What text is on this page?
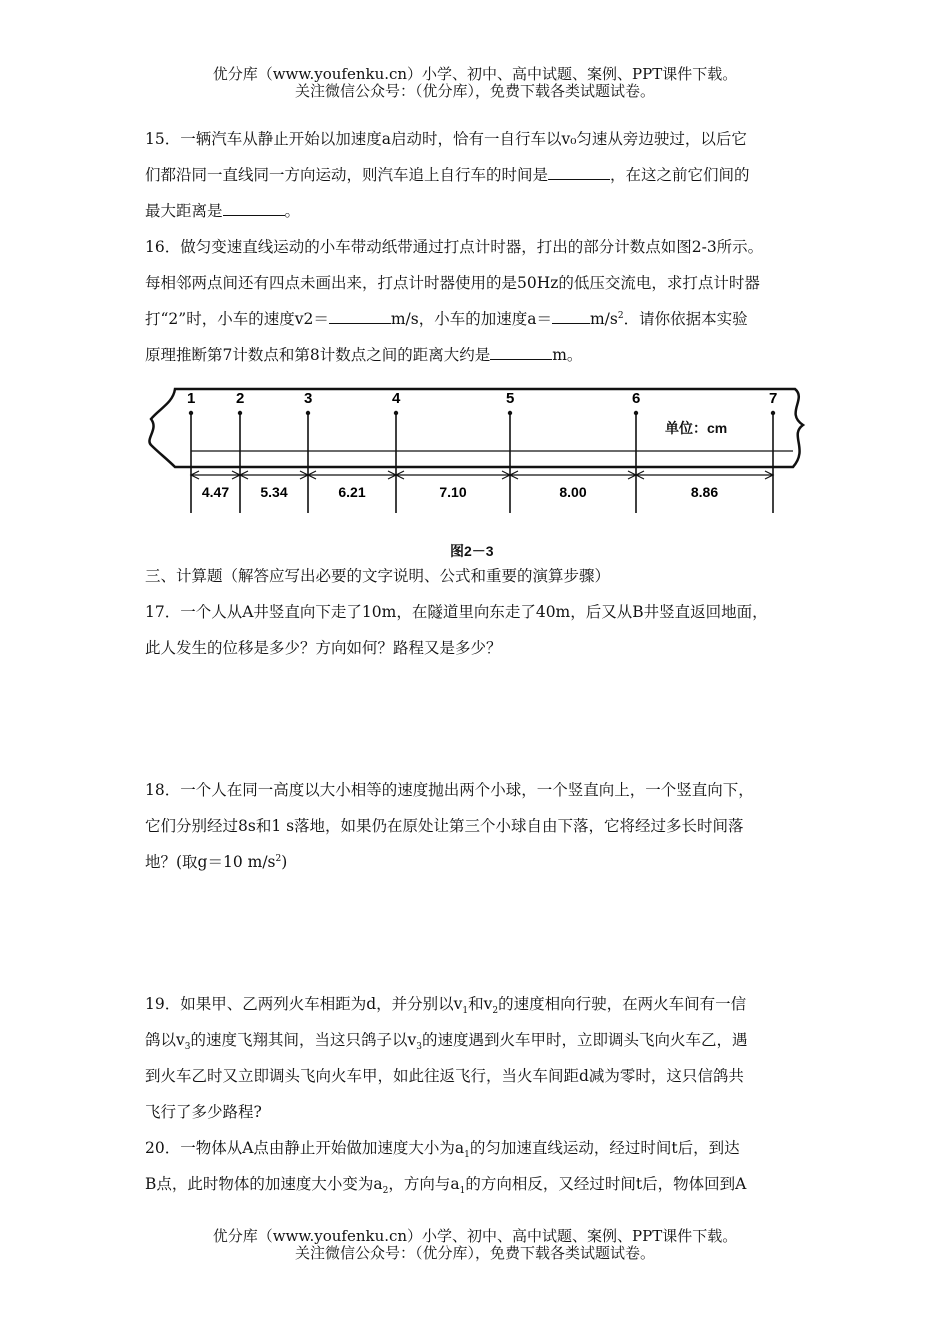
优分库（www.youfenku.cn）小学、初中、高中试题、案例、PPT课件下载。
关注微信公众号：（优分库），免费下载各类试题试卷。

15．一辆汽车从静止开始以加速度a启动时，恰有一自行车以v₀匀速从旁边驶过，以后它

们都沿同一直线同一方向运动，则汽车追上自行车的时间是	，在这之前它们间的

最大距离是	。

16．做匀变速直线运动的小车带动纸带通过打点计时器，打出的部分计数点如图2-3所示。

每相邻两点间还有四点未画出来，打点计时器使用的是50Hz的低压交流电，求打点计时器

打“2”时，小车的速度v2＝	m/s，小车的加速度$a= m/s^2$．请你依据本实验

原理推断第7计数点和第8计数点之间的距离大约是	m。

1	2	3	4	5	6	7
4.47 5.34	6.21	7.10	8.00	8.86
单位：cm
图2－3

三、计算题（解答应写出必要的文字说明、公式和重要的演算步骤）

17．一个人从A井竖直向下走了10m，在隧道里向东走了40m，后又从B井竖直返回地面，

此人发生的位移是多少？方向如何？路程又是多少？

18．一个人在同一高度以大小相等的速度抛出两个小球，一个竖直向上，一个竖直向下，

它们分别经过8s和1 s落地，如果仍在原处让第三个小球自由下落，它将经过多长时间落

地？(取g＝10 $m/s^2$)

19．如果甲、乙两列火车相距为d，并分别以$v_1$和$v_2$的速度相向行驶，在两火车间有一信

鸽以$v_3$的速度飞翔其间，当这只鸽子以$v_3$的速度遇到火车甲时，立即调头飞向火车乙，遇

到火车乙时又立即调头飞向火车甲，如此往返飞行，当火车间距d减为零时，这只信鸽共

飞行了多少路程?

20．一物体从A点由静止开始做加速度大小为$a_1$的匀加速直线运动，经过时间t后，到达

B点，此时物体的加速度大小变为$a_2$，方向与$a_1$的方向相反，又经过时间t后，物体回到A

优分库（www.youfenku.cn）小学、初中、高中试题、案例、PPT课件下载。
关注微信公众号：（优分库），免费下载各类试题试卷。
